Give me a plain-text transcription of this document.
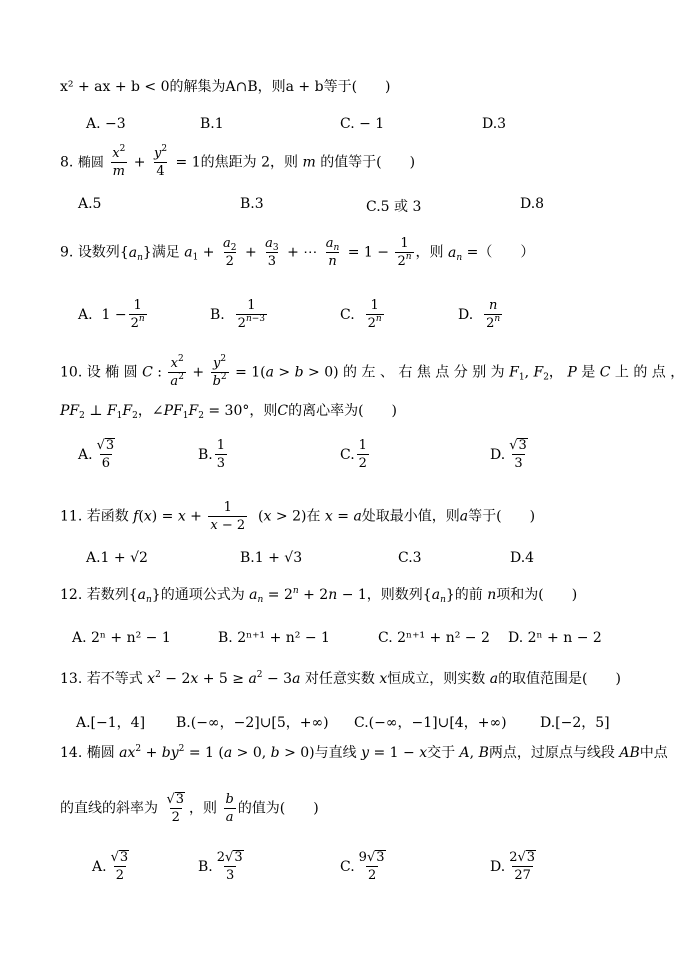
x² + ax + b < 0的解集为A∩B，则a + b等于(　　)
A. −3	B.1	C. − 1	D.3
8. 椭圆 $\frac{x^2}{m} + \frac{y^2}{4} = 1$的焦距为 2，则 m 的值等于(　　)
A.5	B.3	C.5 或 3	D.8
9. 设数列$\{a_n\}$满足 $a_1 + \frac{a_2}{2} + \frac{a_3}{3}$ + ⋯ $\frac{a_n}{n} = 1 - \frac{1}{2^n}$ ，则 $a_n$ =（　　）
A. $1 - \frac{1}{2^n}$	B.
$\frac{1}{2^{n-3}}$	C.
$\frac{1}{2^n}$	D.
$\frac{n}{2^n}$
10. 设 椭 圆 C : $\frac{x^2}{a^2} + \frac{y^2}{b^2} = 1(a > b > 0)$ 的 左 、 右 焦 点 分 别 为 $F_1$, $F_2$， P 是 C 上 的 点 ，
$PF_2$ ⊥ $F_1F_2$，$\angle PF_1F_2 = 30^\circ$，则C的离心率为(　　)
A. $\frac{√ 3}{6}$	B. $\frac{1}{3}$	C. $\frac{1}{2}$	D. $\frac{√ 3}{3}$
11. 若函数 $f(x) = x + \frac{1}{x - 2} (x > 2)$在 x = a处取最小值，则a等于(　　)
A.1 + √2	B.1 + √3	C.3	D.4
12. 若数列$\{a_n\}$的通项公式为 $a_n = 2^n + 2n - 1$，则数列$\{a_n\}$的前 n项和为(　　)
A. 2ⁿ + n² − 1	B. 2ⁿ⁺¹ + n² − 1	C. 2ⁿ⁺¹ + n² − 2 D. 2ⁿ + n − 2
13. 若不等式 $x^2 - 2x + 5 \ge a^2 - 3a$ 对任意实数 x恒成立，则实数 a的取值范围是(　　)
A.[−1，4] B.(−∞，−2]∪[5，+∞) C.(−∞，−1]∪[4，+∞) D.[−2，5]
14. 椭圆 $ax^2 + by^2 = 1$ (a > 0, b > 0)与直线 y = 1 − x交于 A, B两点，过原点与线段 AB中点
的直线的斜率为 $\frac{√ 3}{2}$ ，则 $\frac{b}{a}$ 的值为(　　)
A. $\frac{√ 3}{2}$	B. $\frac{2 √ 3}{3}$	C. $\frac{9 √ 3}{2}$	D. $\frac{2 √ 3}{27}$
